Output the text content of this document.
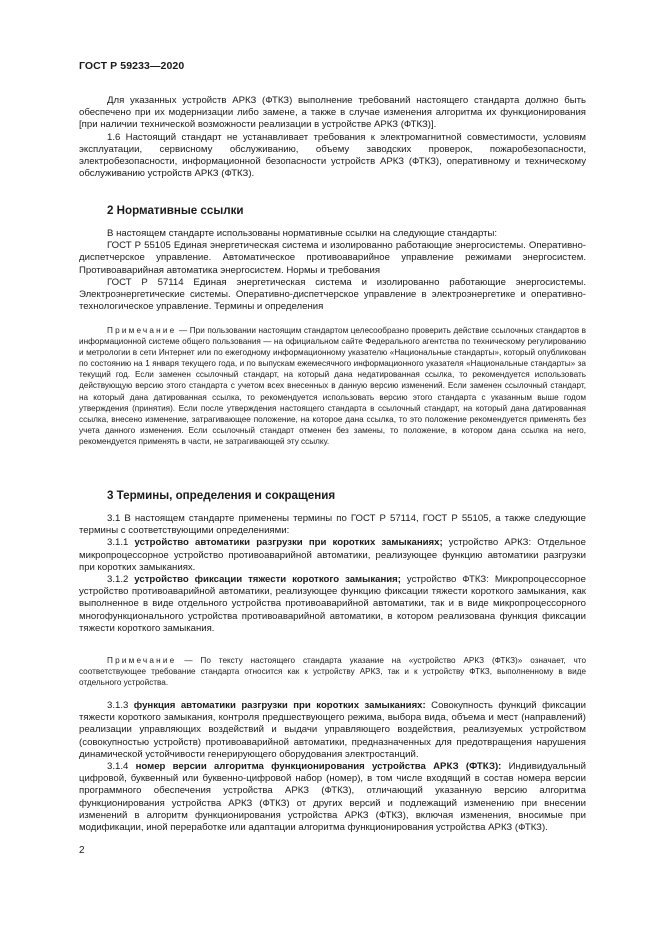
ГОСТ Р 59233—2020

Для указанных устройств АРКЗ (ФТКЗ) выполнение требований настоящего стандарта должно быть обеспечено при их модернизации либо замене, а также в случае изменения алгоритма их функционирования [при наличии технической возможности реализации в устройстве АРКЗ (ФТКЗ)].

1.6 Настоящий стандарт не устанавливает требования к электромагнитной совместимости, условиям эксплуатации, сервисному обслуживанию, объему заводских проверок, пожаробезопасности, электробезопасности, информационной безопасности устройств АРКЗ (ФТКЗ), оперативному и техническому обслуживанию устройств АРКЗ (ФТКЗ).

2 Нормативные ссылки

В настоящем стандарте использованы нормативные ссылки на следующие стандарты:

ГОСТ Р 55105 Единая энергетическая система и изолированно работающие энергосистемы. Оперативно-диспетчерское управление. Автоматическое противоаварийное управление режимами энергосистем. Противоаварийная автоматика энергосистем. Нормы и требования

ГОСТ Р 57114 Единая энергетическая система и изолированно работающие энергосистемы. Электроэнергетические системы. Оперативно-диспетчерское управление в электроэнергетике и оперативно-технологическое управление. Термины и определения

Примечание — При пользовании настоящим стандартом целесообразно проверить действие ссылочных стандартов в информационной системе общего пользования — на официальном сайте Федерального агентства по техническому регулированию и метрологии в сети Интернет или по ежегодному информационному указателю «Национальные стандарты», который опубликован по состоянию на 1 января текущего года, и по выпускам ежемесячного информационного указателя «Национальные стандарты» за текущий год. Если заменен ссылочный стандарт, на который дана недатированная ссылка, то рекомендуется использовать действующую версию этого стандарта с учетом всех внесенных в данную версию изменений. Если заменен ссылочный стандарт, на который дана датированная ссылка, то рекомендуется использовать версию этого стандарта с указанным выше годом утверждения (принятия). Если после утверждения настоящего стандарта в ссылочный стандарт, на который дана датированная ссылка, внесено изменение, затрагивающее положение, на которое дана ссылка, то это положение рекомендуется применять без учета данного изменения. Если ссылочный стандарт отменен без замены, то положение, в котором дана ссылка на него, рекомендуется применять в части, не затрагивающей эту ссылку.

3 Термины, определения и сокращения

3.1 В настоящем стандарте применены термины по ГОСТ Р 57114, ГОСТ Р 55105, а также следующие термины с соответствующими определениями:

3.1.1 устройство автоматики разгрузки при коротких замыканиях; устройство АРКЗ: Отдельное микропроцессорное устройство противоаварийной автоматики, реализующее функцию автоматики разгрузки при коротких замыканиях.

3.1.2 устройство фиксации тяжести короткого замыкания; устройство ФТКЗ: Микропроцессорное устройство противоаварийной автоматики, реализующее функцию фиксации тяжести короткого замыкания, как выполненное в виде отдельного устройства противоаварийной автоматики, так и в виде микропроцессорного многофункционального устройства противоаварийной автоматики, в котором реализована функция фиксации тяжести короткого замыкания.

Примечание — По тексту настоящего стандарта указание на «устройство АРКЗ (ФТКЗ)» означает, что соответствующее требование стандарта относится как к устройству АРКЗ, так и к устройству ФТКЗ, выполненному в виде отдельного устройства.

3.1.3 функция автоматики разгрузки при коротких замыканиях: Совокупность функций фиксации тяжести короткого замыкания, контроля предшествующего режима, выбора вида, объема и мест (направлений) реализации управляющих воздействий и выдачи управляющего воздействия, реализуемых устройством (совокупностью устройств) противоаварийной автоматики, предназначенных для предотвращения нарушения динамической устойчивости генерирующего оборудования электростанций.

3.1.4 номер версии алгоритма функционирования устройства АРКЗ (ФТКЗ): Индивидуальный цифровой, буквенный или буквенно-цифровой набор (номер), в том числе входящий в состав номера версии программного обеспечения устройства АРКЗ (ФТКЗ), отличающий указанную версию алгоритма функционирования устройства АРКЗ (ФТКЗ) от других версий и подлежащий изменению при внесении изменений в алгоритм функционирования устройства АРКЗ (ФТКЗ), включая изменения, вносимые при модификации, иной переработке или адаптации алгоритма функционирования устройства АРКЗ (ФТКЗ).

2
